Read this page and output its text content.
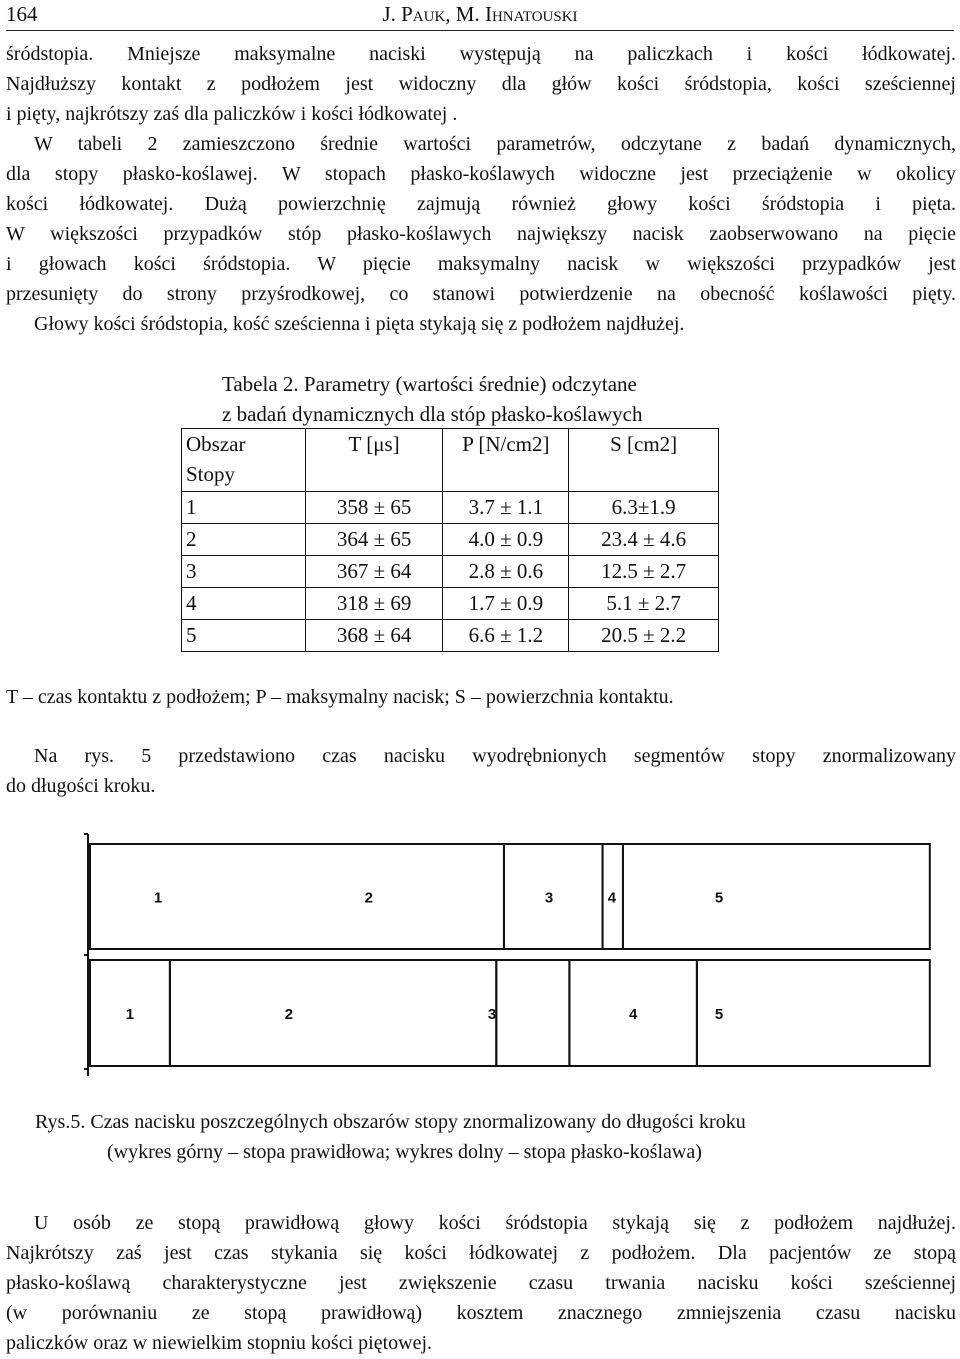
164	J. Pauk, M. Ihnatouski

śródstopia. Mniejsze maksymalne naciski występują na paliczkach i kości łódkowatej.
Najdłuższy kontakt z podłożem jest widoczny dla głów kości śródstopia, kości sześciennej
i pięty, najkrótszy zaś dla paliczków i kości łódkowatej .
W tabeli 2 zamieszczono średnie wartości parametrów, odczytane z badań dynamicznych,
dla stopy płasko-koślawej. W stopach płasko-koślawych widoczne jest przeciążenie w okolicy
kości łódkowatej. Dużą powierzchnię zajmują również głowy kości śródstopia i pięta.
W większości przypadków stóp płasko-koślawych największy nacisk zaobserwowano na pięcie
i głowach kości śródstopia. W pięcie maksymalny nacisk w większości przypadków jest
przesunięty do strony przyśrodkowej, co stanowi potwierdzenie na obecność koślawości pięty.
Głowy kości śródstopia, kość sześcienna i pięta stykają się z podłożem najdłużej.

Tabela 2. Parametry (wartości średnie) odczytane
z badań dynamicznych dla stóp płasko-koślawych
Obszar
Stopy	T [μs]	P [N/cm2]	S [cm2]
1	358 ± 65	3.7 ± 1.1	6.3±1.9
2	364 ± 65	4.0 ± 0.9	23.4 ± 4.6
3	367 ± 64	2.8 ± 0.6	12.5 ± 2.7
4	318 ± 69	1.7 ± 0.9	5.1 ± 2.7
5	368 ± 64	6.6 ± 1.2	20.5 ± 2.2

T – czas kontaktu z podłożem; P – maksymalny nacisk; S – powierzchnia kontaktu.

Na rys. 5 przedstawiono czas nacisku wyodrębnionych segmentów stopy znormalizowany
do długości kroku.

1	2	3	4	5
1	2	3	4	5
Rys.5. Czas nacisku poszczególnych obszarów stopy znormalizowany do długości kroku
(wykres górny – stopa prawidłowa; wykres dolny – stopa płasko-koślawa)

U osób ze stopą prawidłową głowy kości śródstopia stykają się z podłożem najdłużej.
Najkrótszy zaś jest czas stykania się kości łódkowatej z podłożem. Dla pacjentów ze stopą
płasko-koślawą charakterystyczne jest zwiększenie czasu trwania nacisku kości sześciennej
(w porównaniu ze stopą prawidłową) kosztem znacznego zmniejszenia czasu nacisku
paliczków oraz w niewielkim stopniu kości piętowej.
